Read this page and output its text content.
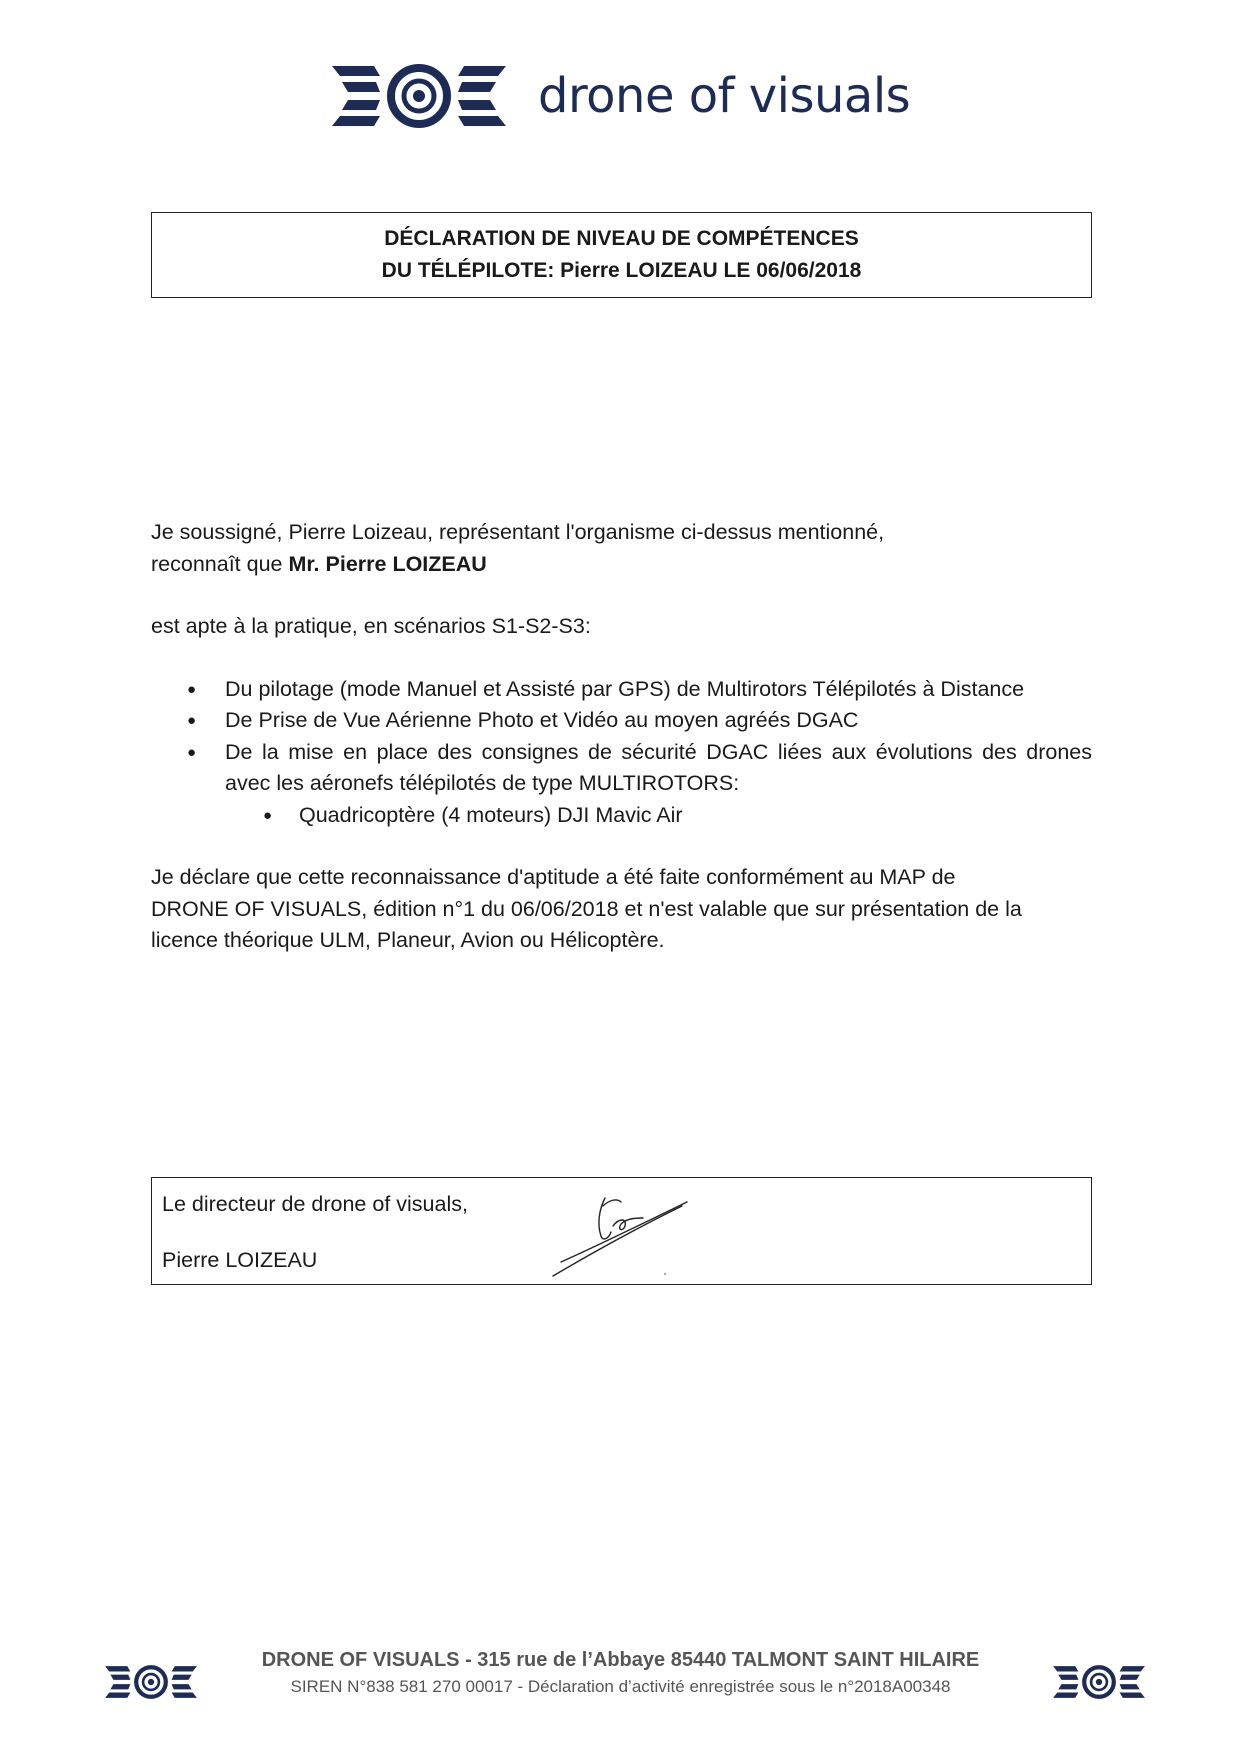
drone of visuals
DÉCLARATION DE NIVEAU DE COMPÉTENCES
DU TÉLÉPILOTE: Pierre LOIZEAU LE 06/06/2018

Je soussigné, Pierre Loizeau, représentant l'organisme ci-dessus mentionné,

reconnaît que Mr. Pierre LOIZEAU

est apte à la pratique, en scénarios S1-S2-S3:

● Du pilotage (mode Manuel et Assisté par GPS) de Multirotors Télépilotés à Distance
● De Prise de Vue Aérienne Photo et Vidéo au moyen agréés DGAC
● De la mise en place des consignes de sécurité DGAC liées aux évolutions des drones avec les aéronefs télépilotés de type MULTIROTORS:
● Quadricoptère (4 moteurs) DJI Mavic Air

Je déclare que cette reconnaissance d'aptitude a été faite conformément au MAP de

DRONE OF VISUALS, édition n°1 du 06/06/2018 et n'est valable que sur présentation de la

licence théorique ULM, Planeur, Avion ou Hélicoptère.

Le directeur de drone of visuals,
Pierre LOIZEAU
DRONE OF VISUALS - 315 rue de l’Abbaye 85440 TALMONT SAINT HILAIRE
SIREN N°838 581 270 00017 - Déclaration d’activité enregistrée sous le n°2018A00348
